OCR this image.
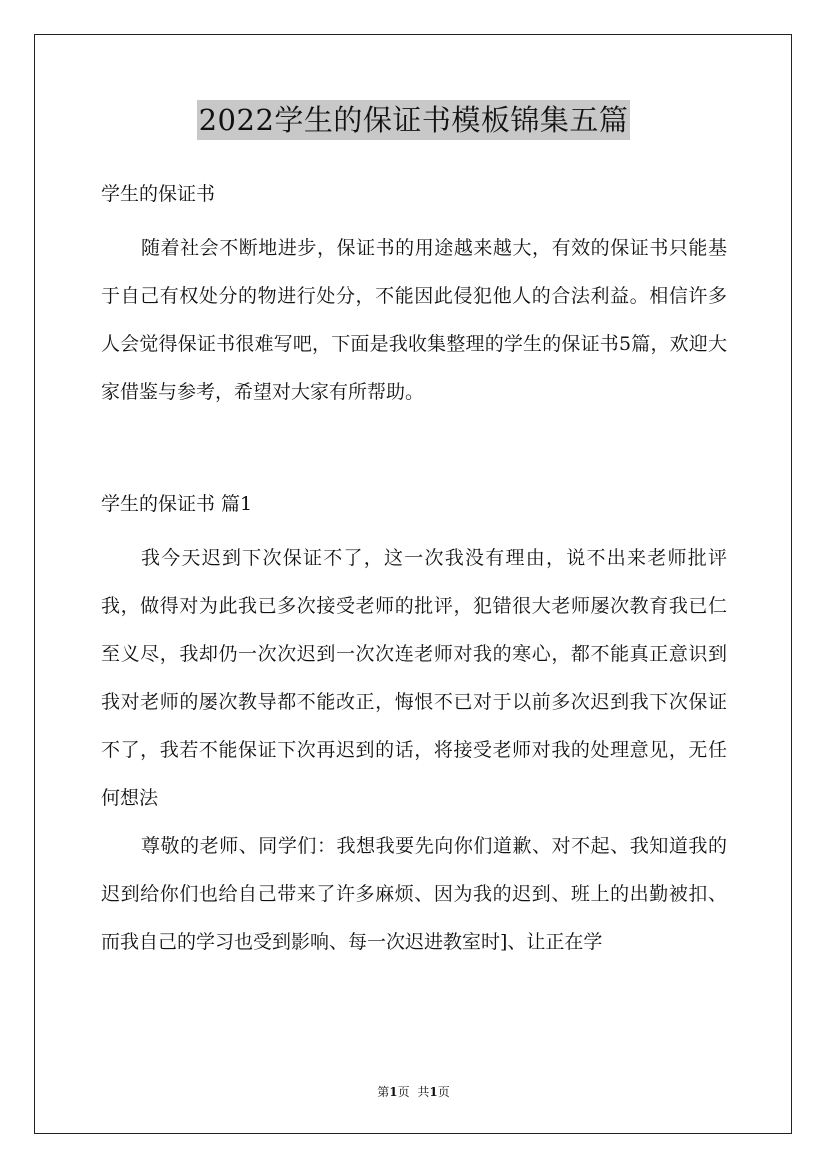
2022学生的保证书模板锦集五篇

学生的保证书

随着社会不断地进步，保证书的用途越来越大，有效的保证书只能基于自己有权处分的物进行处分，不能因此侵犯他人的合法利益。相信许多人会觉得保证书很难写吧，下面是我收集整理的学生的保证书5篇，欢迎大家借鉴与参考，希望对大家有所帮助。

学生的保证书 篇1

我今天迟到下次保证不了，这一次我没有理由，说不出来老师批评我，做得对为此我已多次接受老师的批评，犯错很大老师屡次教育我已仁至义尽，我却仍一次次迟到一次次连老师对我的寒心，都不能真正意识到我对老师的屡次教导都不能改正，悔恨不已对于以前多次迟到我下次保证不了，我若不能保证下次再迟到的话，将接受老师对我的处理意见，无任何想法

尊敬的老师、同学们：我想我要先向你们道歉、对不起、我知道我的迟到给你们也给自己带来了许多麻烦、因为我的迟到、班上的出勤被扣、而我自己的学习也受到影响、每一次迟进教室时]、让正在学

第1页 共1页
